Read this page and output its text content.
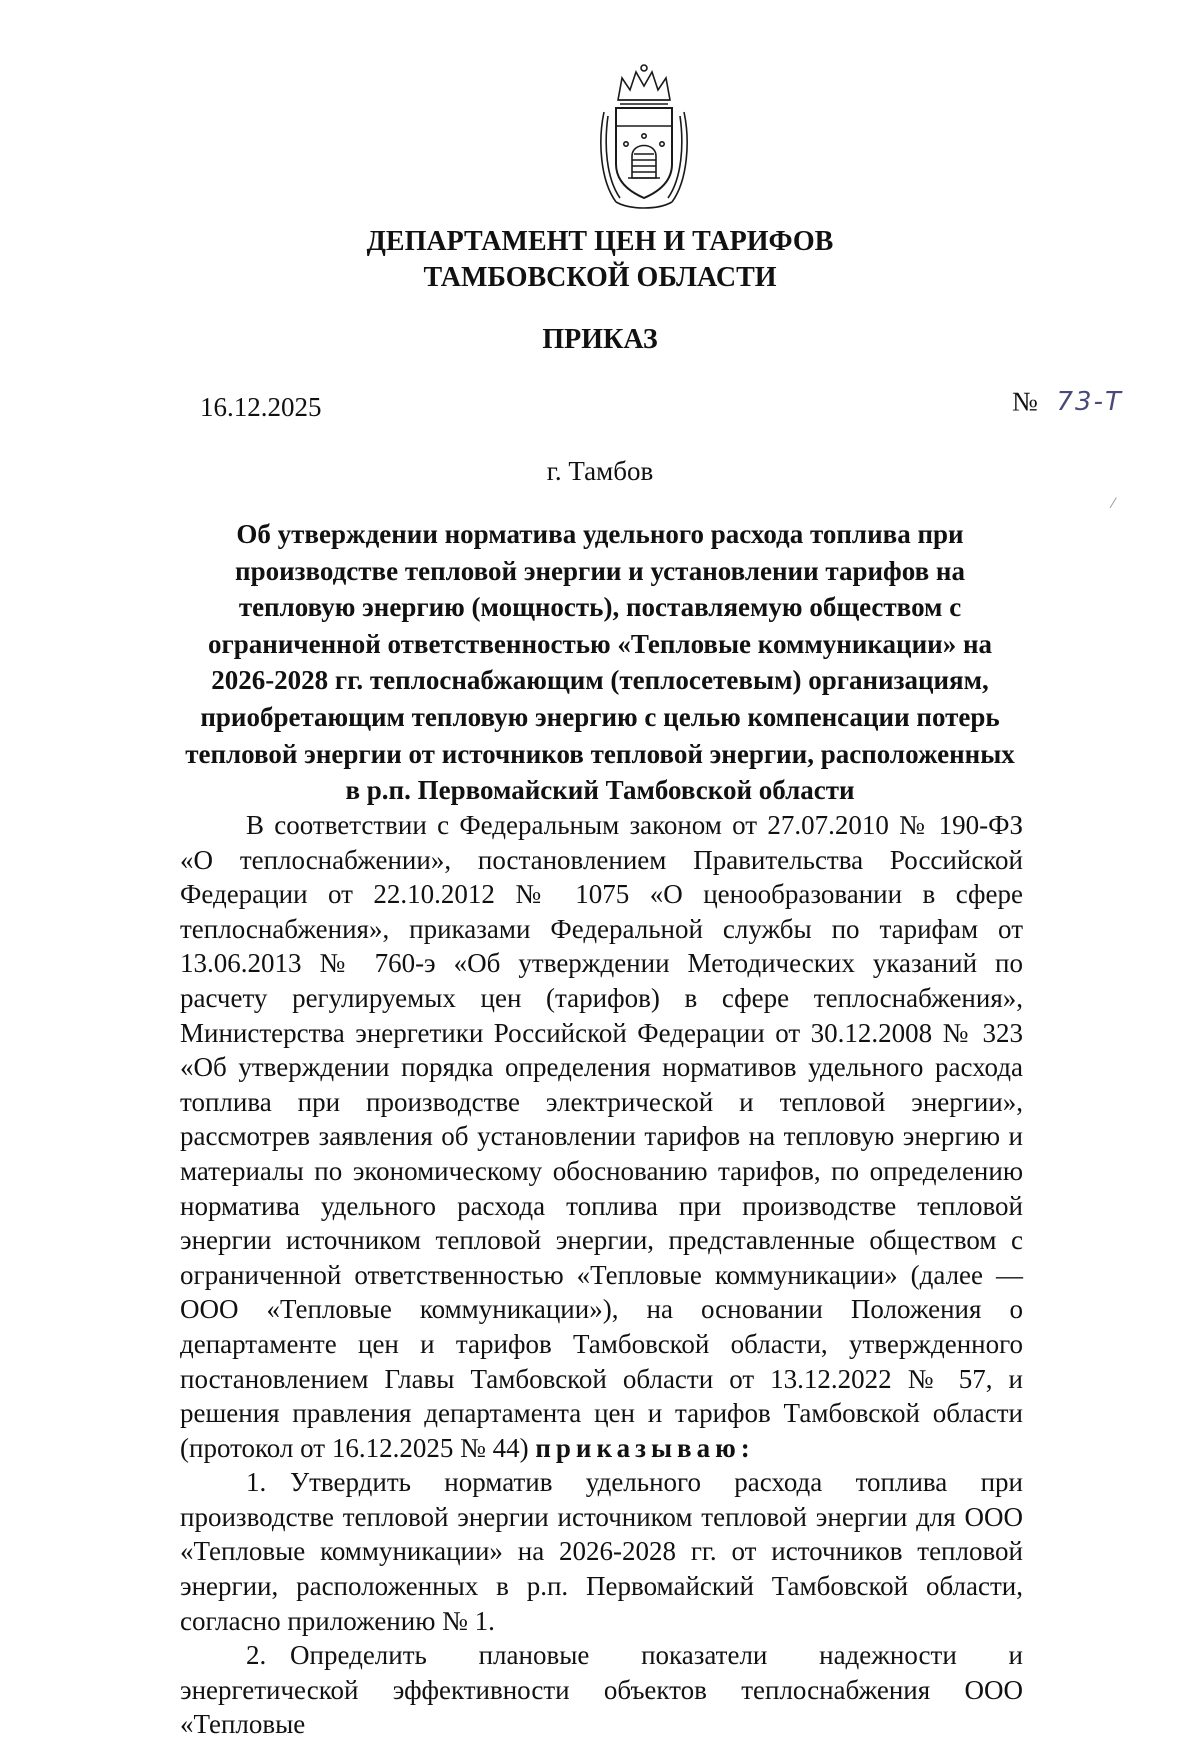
ДЕПАРТАМЕНТ ЦЕН И ТАРИФОВ
ТАМБОВСКОЙ ОБЛАСТИ
ПРИКАЗ
16.12.2025	№ 73-Т
г. Тамбов
⁄

Об утверждении норматива удельного расхода топлива при производстве тепловой энергии и установлении тарифов на тепловую энергию (мощность), поставляемую обществом с ограниченной ответственностью «Тепловые коммуникации» на 2026-2028 гг. теплоснабжающим (теплосетевым) организациям, приобретающим тепловую энергию с целью компенсации потерь тепловой энергии от источников тепловой энергии, расположенных в р.п. Первомайский Тамбовской области

В соответствии с Федеральным законом от 27.07.2010 № 190-ФЗ «О теплоснабжении», постановлением Правительства Российской Федерации от 22.10.2012 № 1075 «О ценообразовании в сфере теплоснабжения», приказами Федеральной службы по тарифам от 13.06.2013 № 760-э «Об утверждении Методических указаний по расчету регулируемых цен (тарифов) в сфере теплоснабжения», Министерства энергетики Российской Федерации от 30.12.2008 № 323 «Об утверждении порядка определения нормативов удельного расхода топлива при производстве электрической и тепловой энергии», рассмотрев заявления об установлении тарифов на тепловую энергию и материалы по экономическому обоснованию тарифов, по определению норматива удельного расхода топлива при производстве тепловой энергии источником тепловой энергии, представленные обществом с ограниченной ответственностью «Тепловые коммуникации» (далее — ООО «Тепловые коммуникации»), на основании Положения о департаменте цен и тарифов Тамбовской области, утвержденного постановлением Главы Тамбовской области от 13.12.2022 № 57, и решения правления департамента цен и тарифов Тамбовской области (протокол от 16.12.2025 № 44) приказываю:

1. Утвердить норматив удельного расхода топлива при производстве тепловой энергии источником тепловой энергии для ООО «Тепловые коммуникации» на 2026-2028 гг. от источников тепловой энергии, расположенных в р.п. Первомайский Тамбовской области, согласно приложению № 1.

2. Определить плановые показатели надежности и энергетической эффективности объектов теплоснабжения ООО «Тепловые
